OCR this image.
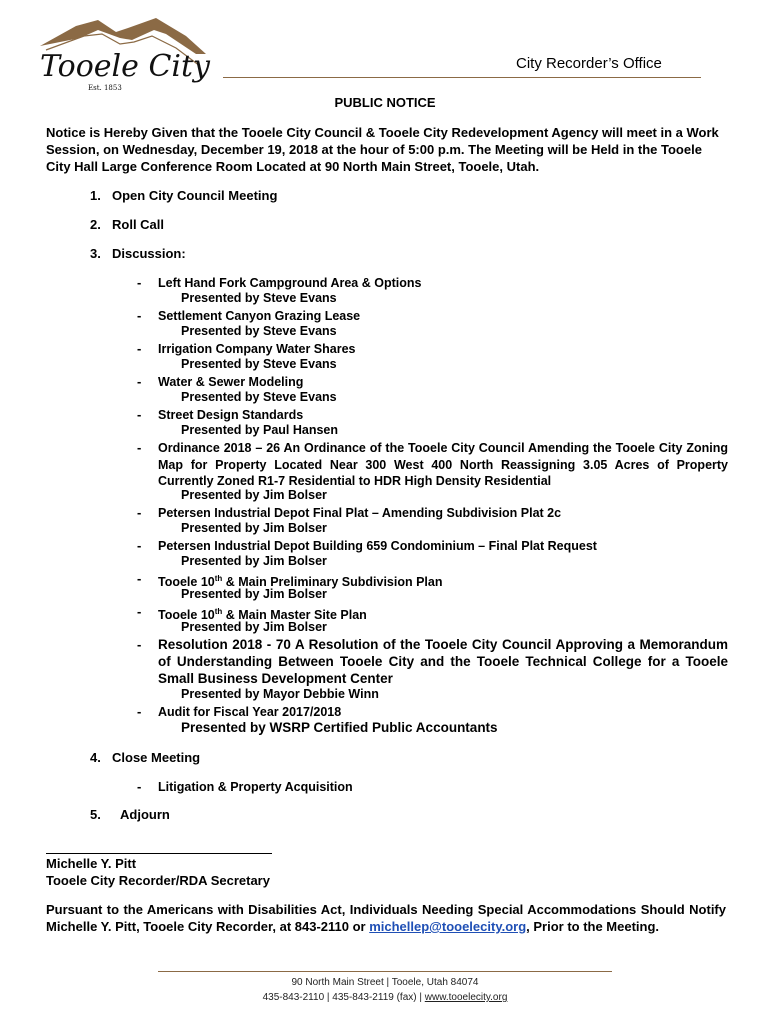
Tooele City
Est. 1853
City Recorder’s Office
PUBLIC NOTICE
Notice is Hereby Given that the Tooele City Council & Tooele City Redevelopment Agency will meet in a Work Session, on Wednesday, December 19, 2018 at the hour of 5:00 p.m. The Meeting will be Held in the Tooele City Hall Large Conference Room Located at 90 North Main Street, Tooele, Utah.
1. Open City Council Meeting
2. Roll Call
3. Discussion:
- Left Hand Fork Campground Area & Options
Presented by Steve Evans
- Settlement Canyon Grazing Lease
Presented by Steve Evans
- Irrigation Company Water Shares
Presented by Steve Evans
- Water & Sewer Modeling
Presented by Steve Evans
- Street Design Standards
Presented by Paul Hansen
- Ordinance 2018 – 26 An Ordinance of the Tooele City Council Amending the Tooele City Zoning Map for Property Located Near 300 West 400 North Reassigning 3.05 Acres of Property Currently Zoned R1-7 Residential to HDR High Density Residential
Presented by Jim Bolser
- Petersen Industrial Depot Final Plat – Amending Subdivision Plat 2c
Presented by Jim Bolser
- Petersen Industrial Depot Building 659 Condominium – Final Plat Request
Presented by Jim Bolser
- Tooele 10th & Main Preliminary Subdivision Plan
Presented by Jim Bolser
- Tooele 10th & Main Master Site Plan
Presented by Jim Bolser
- Resolution 2018 - 70 A Resolution of the Tooele City Council Approving a Memorandum of Understanding Between Tooele City and the Tooele Technical College for a Tooele Small Business Development Center
Presented by Mayor Debbie Winn
- Audit for Fiscal Year 2017/2018
Presented by WSRP Certified Public Accountants
4. Close Meeting
- Litigation & Property Acquisition
5. Adjourn
Michelle Y. Pitt
Tooele City Recorder/RDA Secretary
Pursuant to the Americans with Disabilities Act, Individuals Needing Special Accommodations Should Notify Michelle Y. Pitt, Tooele City Recorder, at 843-2110 or michellep@tooelecity.org, Prior to the Meeting.
90 North Main Street | Tooele, Utah 84074
435-843-2110 | 435-843-2119 (fax) | www.tooelecity.org
